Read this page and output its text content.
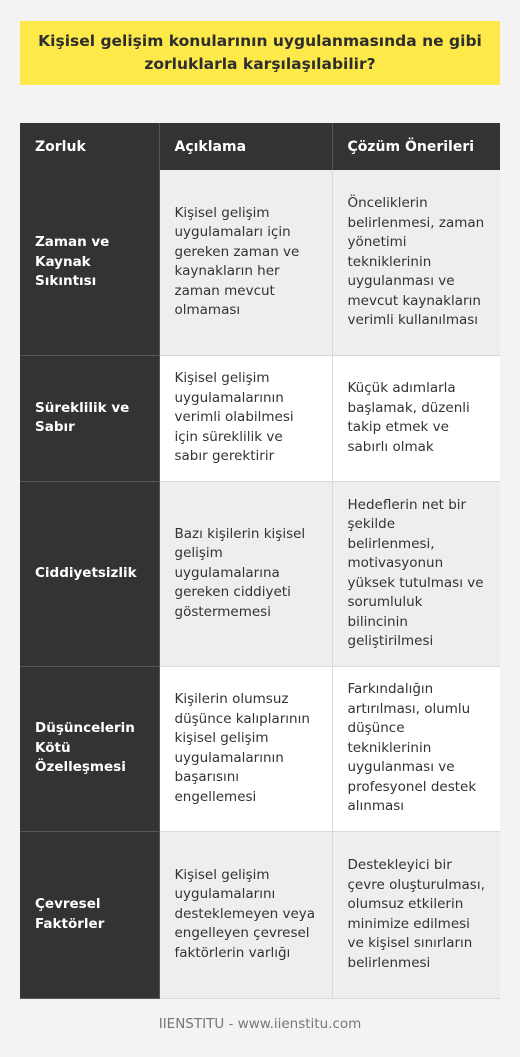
Kişisel gelişim konularının uygulanmasında ne gibi zorluklarla karşılaşılabilir?
Zorluk	Açıklama	Çözüm Önerileri
Zaman ve Kaynak Sıkıntısı	Kişisel gelişim uygulamaları için gereken zaman ve kaynakların her zaman mevcut olmaması	Önceliklerin belirlenmesi, zaman yönetimi tekniklerinin uygulanması ve mevcut kaynakların verimli kullanılması
Süreklilik ve Sabır	Kişisel gelişim uygulamalarının verimli olabilmesi için süreklilik ve sabır gerektirir	Küçük adımlarla başlamak, düzenli takip etmek ve sabırlı olmak
Ciddiyetsizlik	Bazı kişilerin kişisel gelişim uygulamalarına gereken ciddiyeti göstermemesi	Hedeflerin net bir şekilde belirlenmesi, motivasyonun yüksek tutulması ve sorumluluk bilincinin geliştirilmesi
Düşüncelerin Kötü Özelleşmesi	Kişilerin olumsuz düşünce kalıplarının kişisel gelişim uygulamalarının başarısını engellemesi	Farkındalığın artırılması, olumlu düşünce tekniklerinin uygulanması ve profesyonel destek alınması
Çevresel Faktörler	Kişisel gelişim uygulamalarını desteklemeyen veya engelleyen çevresel faktörlerin varlığı	Destekleyici bir çevre oluşturulması, olumsuz etkilerin minimize edilmesi ve kişisel sınırların belirlenmesi
IIENSTITU - www.iienstitu.com
